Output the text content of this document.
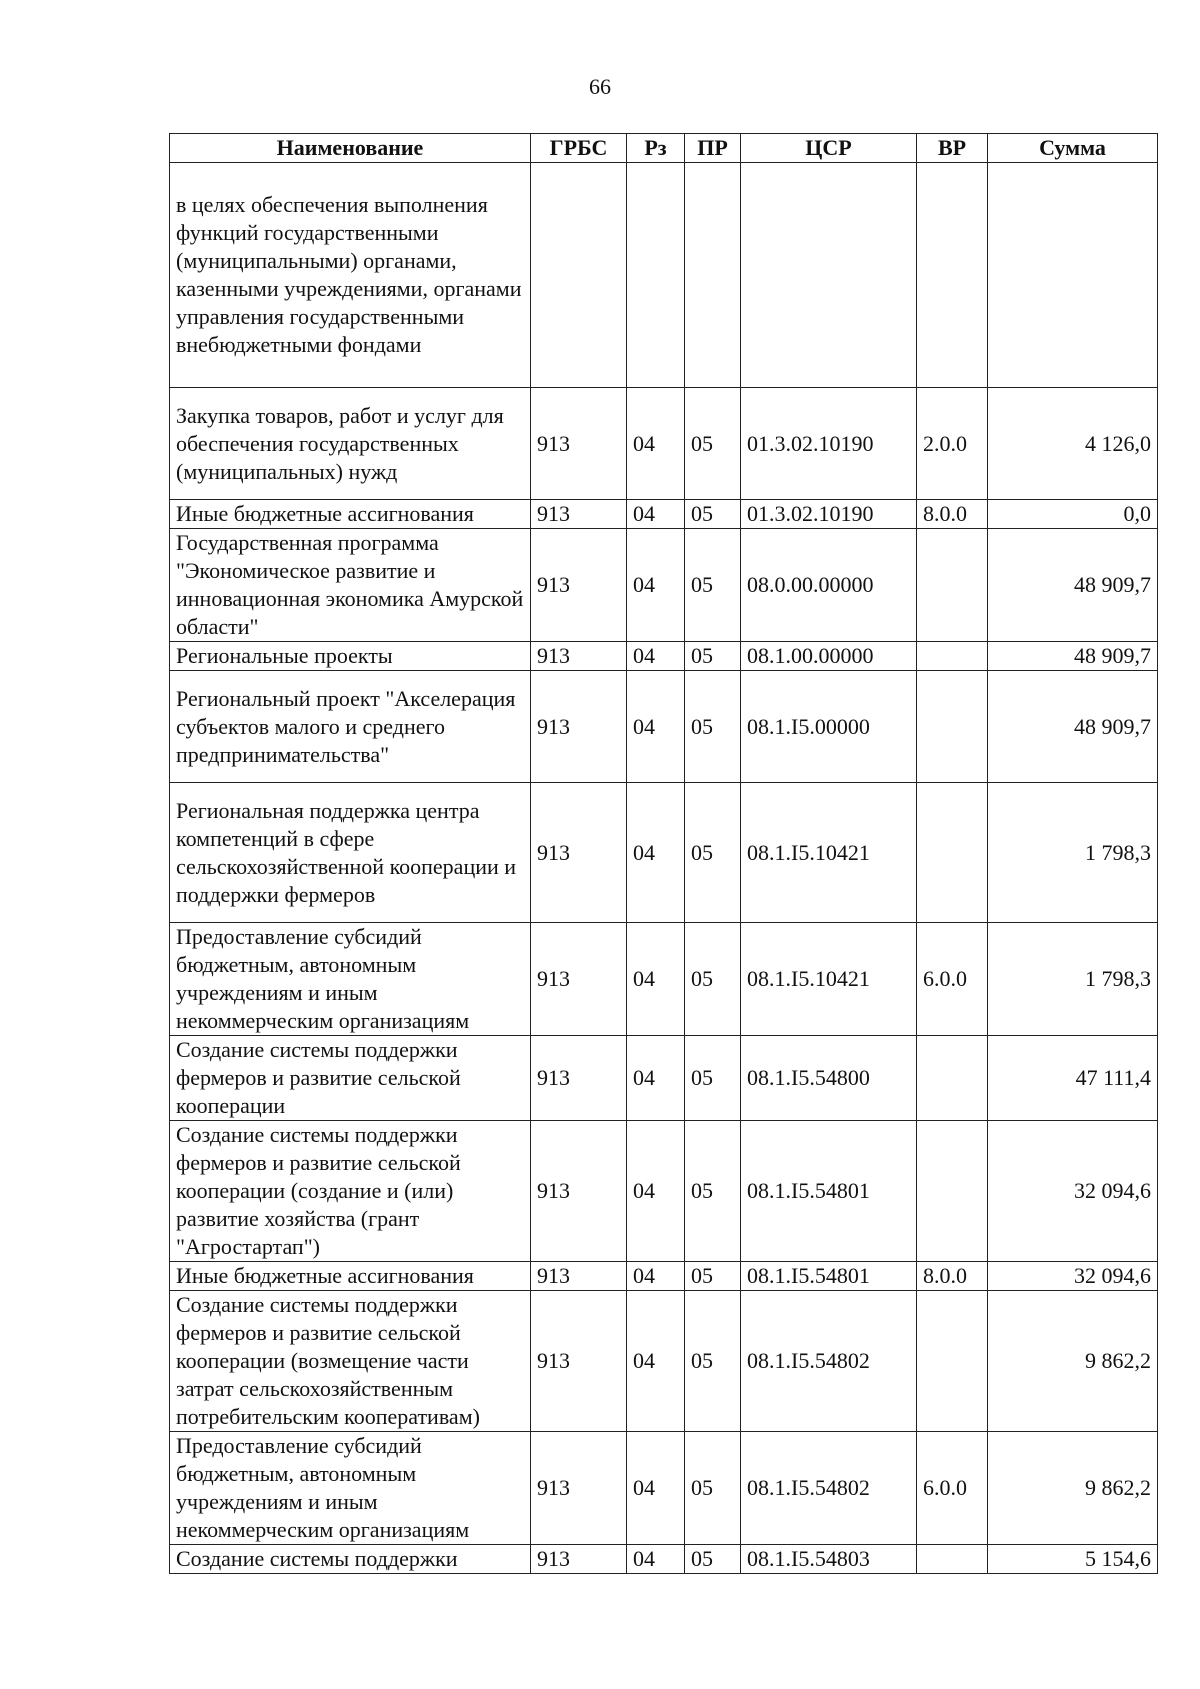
66
Наименование	ГРБС	Рз	ПР	ЦСР	ВР	Сумма
в целях обеспечения выполнения функций государственными (муниципальными) органами, казенными учреждениями, органами управления государственными внебюджетными фондами						
Закупка товаров, работ и услуг для обеспечения государственных (муниципальных) нужд	913	04	05	01.3.02.10190	2.0.0	4 126,0
Иные бюджетные ассигнования	913	04	05	01.3.02.10190	8.0.0	0,0
Государственная программа "Экономическое развитие и инновационная экономика Амурской области"	913	04	05	08.0.00.00000		48 909,7
Региональные проекты	913	04	05	08.1.00.00000		48 909,7
Региональный проект "Акселерация субъектов малого и среднего предпринимательства"	913	04	05	08.1.I5.00000		48 909,7
Региональная поддержка центра компетенций в сфере сельскохозяйственной кооперации и поддержки фермеров	913	04	05	08.1.I5.10421		1 798,3
Предоставление субсидий бюджетным, автономным учреждениям и иным некоммерческим организациям	913	04	05	08.1.I5.10421	6.0.0	1 798,3
Создание системы поддержки фермеров и развитие сельской кооперации	913	04	05	08.1.I5.54800		47 111,4
Создание системы поддержки фермеров и развитие сельской кооперации (создание и (или) развитие хозяйства (грант "Агростартап")	913	04	05	08.1.I5.54801		32 094,6
Иные бюджетные ассигнования	913	04	05	08.1.I5.54801	8.0.0	32 094,6
Создание системы поддержки фермеров и развитие сельской кооперации (возмещение части затрат сельскохозяйственным потребительским кооперативам)	913	04	05	08.1.I5.54802		9 862,2
Предоставление субсидий бюджетным, автономным учреждениям и иным некоммерческим организациям	913	04	05	08.1.I5.54802	6.0.0	9 862,2
Создание системы поддержки	913	04	05	08.1.I5.54803		5 154,6
